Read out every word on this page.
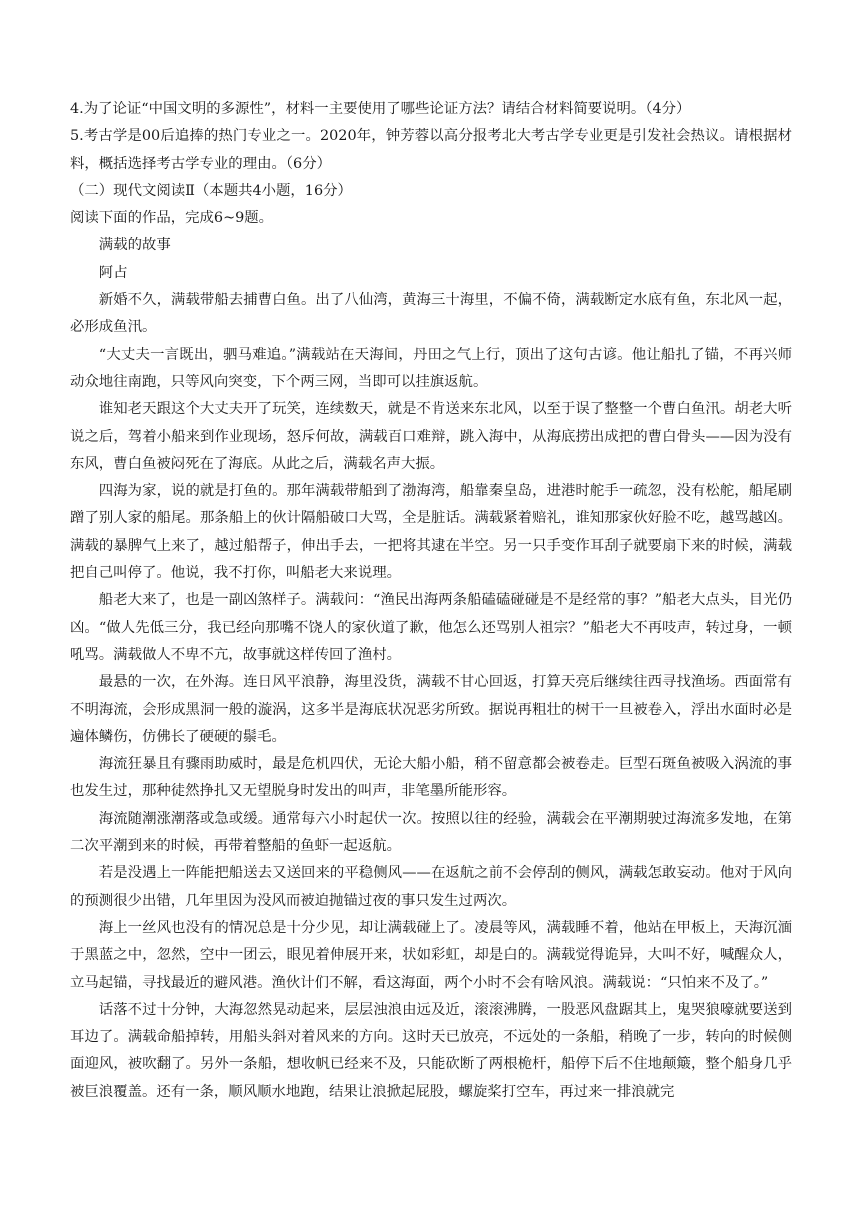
4.为了论证“中国文明的多源性”，材料一主要使用了哪些论证方法？请结合材料简要说明。（4分）

5.考古学是00后追捧的热门专业之一。2020年，钟芳蓉以高分报考北大考古学专业更是引发社会热议。请根据材料，概括选择考古学专业的理由。（6分）

（二）现代文阅读Ⅱ（本题共4小题，16分）

阅读下面的作品，完成6~9题。

满载的故事

阿占

新婚不久，满载带船去捕曹白鱼。出了八仙湾，黄海三十海里，不偏不倚，满载断定水底有鱼，东北风一起，必形成鱼汛。

“大丈夫一言既出，驷马难追。”满载站在天海间，丹田之气上行，顶出了这句古谚。他让船扎了锚，不再兴师动众地往南跑，只等风向突变，下个两三网，当即可以挂旗返航。

谁知老天跟这个大丈夫开了玩笑，连续数天，就是不肯送来东北风，以至于误了整整一个曹白鱼汛。胡老大听说之后，驾着小船来到作业现场，怒斥何故，满载百口难辩，跳入海中，从海底捞出成把的曹白骨头——因为没有东风，曹白鱼被闷死在了海底。从此之后，满载名声大振。

四海为家，说的就是打鱼的。那年满载带船到了渤海湾，船靠秦皇岛，进港时舵手一疏忽，没有松舵，船尾刷蹭了别人家的船尾。那条船上的伙计隔船破口大骂，全是脏话。满载紧着赔礼，谁知那家伙好脸不吃，越骂越凶。满载的暴脾气上来了，越过船帮子，伸出手去，一把将其逮在半空。另一只手变作耳刮子就要扇下来的时候，满载把自己叫停了。他说，我不打你，叫船老大来说理。

船老大来了，也是一副凶煞样子。满载问：“渔民出海两条船磕磕碰碰是不是经常的事？”船老大点头，目光仍凶。“做人先低三分，我已经向那嘴不饶人的家伙道了歉，他怎么还骂别人祖宗？”船老大不再吱声，转过身，一顿吼骂。满载做人不卑不亢，故事就这样传回了渔村。

最悬的一次，在外海。连日风平浪静，海里没货，满载不甘心回返，打算天亮后继续往西寻找渔场。西面常有不明海流，会形成黑洞一般的漩涡，这多半是海底状况恶劣所致。据说再粗壮的树干一旦被卷入，浮出水面时必是遍体鳞伤，仿佛长了硬硬的鬃毛。

海流狂暴且有骤雨助威时，最是危机四伏，无论大船小船，稍不留意都会被卷走。巨型石斑鱼被吸入涡流的事也发生过，那种徒然挣扎又无望脱身时发出的叫声，非笔墨所能形容。

海流随潮涨潮落或急或缓。通常每六小时起伏一次。按照以往的经验，满载会在平潮期驶过海流多发地，在第二次平潮到来的时候，再带着整船的鱼虾一起返航。

若是没遇上一阵能把船送去又送回来的平稳侧风——在返航之前不会停刮的侧风，满载怎敢妄动。他对于风向的预测很少出错，几年里因为没风而被迫抛锚过夜的事只发生过两次。

海上一丝风也没有的情况总是十分少见，却让满载碰上了。凌晨等风，满载睡不着，他站在甲板上，天海沉湎于黑蓝之中，忽然，空中一团云，眼见着伸展开来，状如彩虹，却是白的。满载觉得诡异，大叫不好，喊醒众人，立马起锚，寻找最近的避风港。渔伙计们不解，看这海面，两个小时不会有啥风浪。满载说：“只怕来不及了。”

话落不过十分钟，大海忽然晃动起来，层层浊浪由远及近，滚滚沸腾，一股恶风盘踞其上，鬼哭狼嚎就要送到耳边了。满载命船掉转，用船头斜对着风来的方向。这时天已放亮，不远处的一条船，稍晚了一步，转向的时候侧面迎风，被吹翻了。另外一条船，想收帆已经来不及，只能砍断了两根桅杆，船停下后不住地颠簸，整个船身几乎被巨浪覆盖。还有一条，顺风顺水地跑，结果让浪掀起屁股，螺旋桨打空车，再过来一排浪就完
